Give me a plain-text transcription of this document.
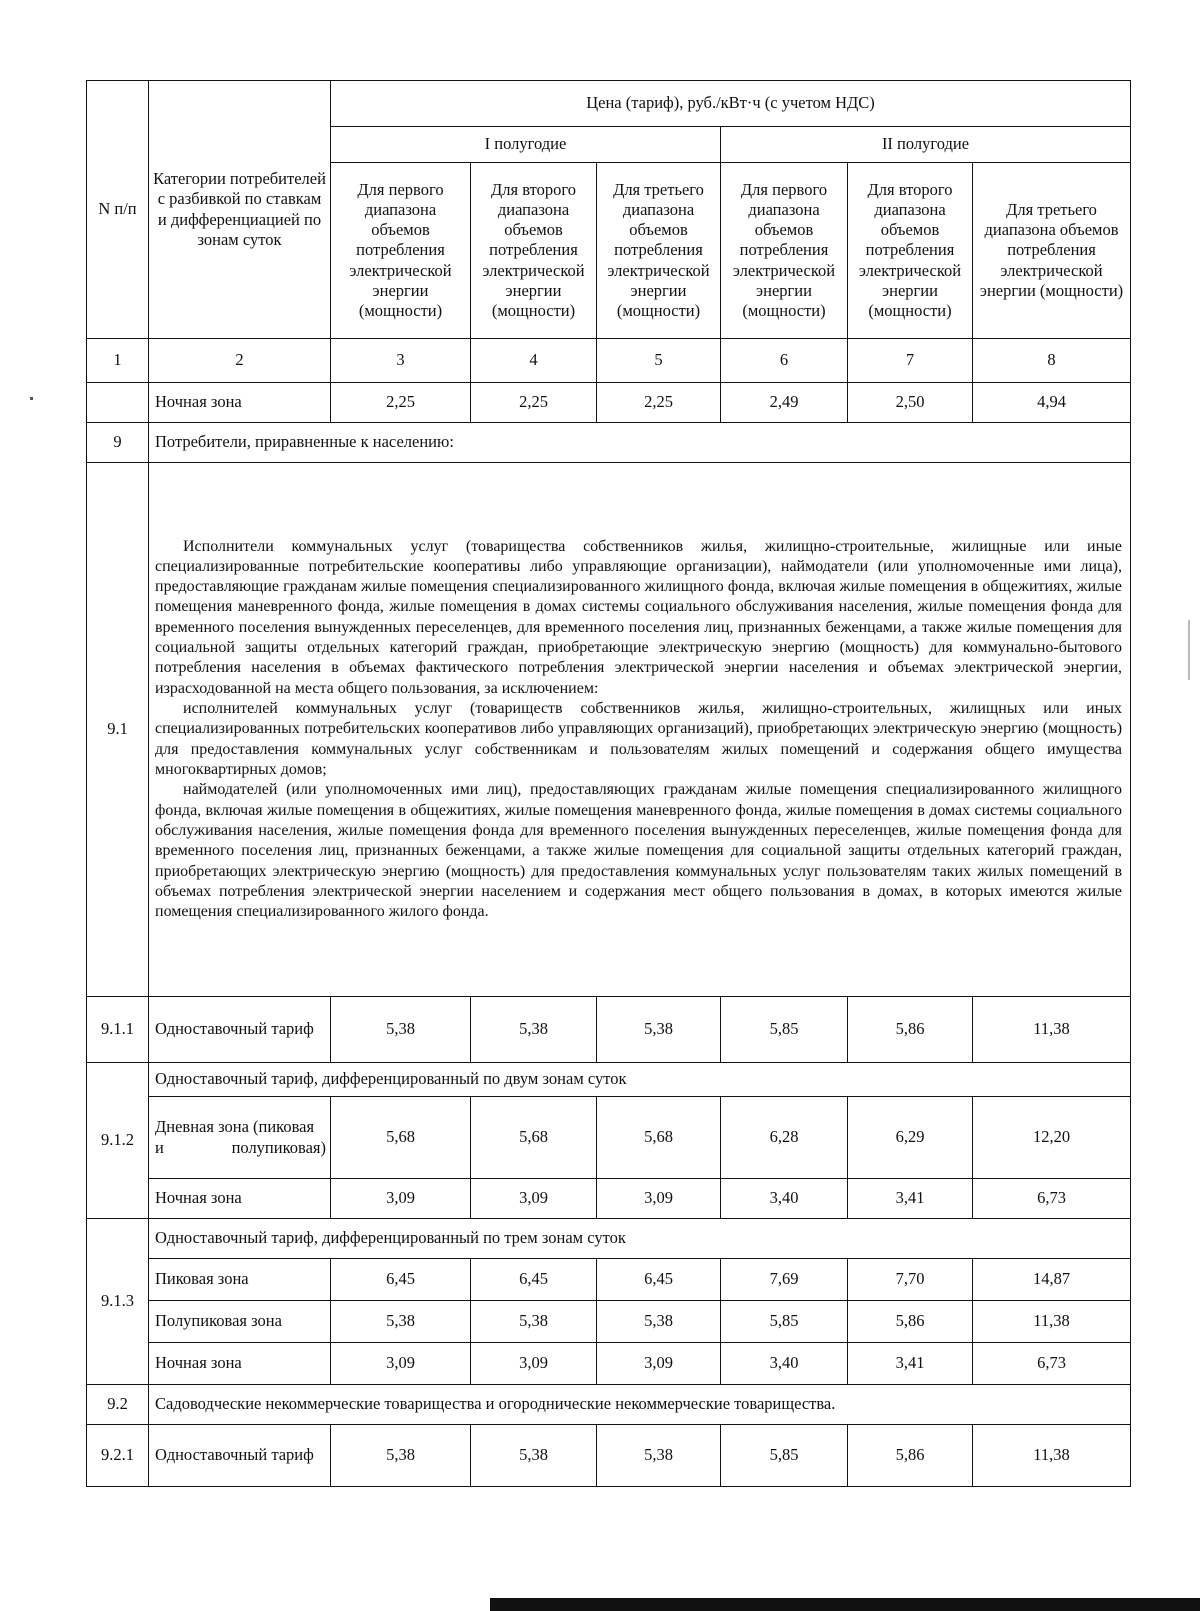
N п/п	Категории потребителей с разбивкой по ставкам и дифференциацией по зонам суток	Цена (тариф), руб./кВт·ч (с учетом НДС)					
		I полугодие			II полугодие		
		Для первого диапазона объемов потребления электрической энергии (мощности)	Для второго диапазона объемов потребления электрической энергии (мощности)	Для третьего диапазона объемов потребления электрической энергии (мощности)	Для первого диапазона объемов потребления электрической энергии (мощности)	Для второго диапазона объемов потребления электрической энергии (мощности)	Для третьего диапазона объемов потребления электрической энергии (мощности)
1	2	3	4	5	6	7	8
	Ночная зона	2,25	2,25	2,25	2,49	2,50	4,94
9	Потребители, приравненные к населению:						
9.1	Исполнители коммунальных услуг (товарищества собственников жилья, жилищно-строительные, жилищные или иные специализированные потребительские кооперативы либо управляющие организации), наймодатели (или уполномоченные ими лица), предоставляющие гражданам жилые помещения специализированного жилищного фонда, включая жилые помещения в общежитиях, жилые помещения маневренного фонда, жилые помещения в домах системы социального обслуживания населения, жилые помещения фонда для временного поселения вынужденных переселенцев, для временного поселения лиц, признанных беженцами, а также жилые помещения для социальной защиты отдельных категорий граждан, приобретающие электрическую энергию (мощность) для коммунально-бытового потребления населения в объемах фактического потребления электрической энергии населения и объемах электрической энергии, израсходованной на места общего пользования, за исключением:

исполнителей коммунальных услуг (товариществ собственников жилья, жилищно-строительных, жилищных или иных специализированных потребительских кооперативов либо управляющих организаций), приобретающих электрическую энергию (мощность) для предоставления коммунальных услуг собственникам и пользователям жилых помещений и содержания общего имущества многоквартирных домов;

наймодателей (или уполномоченных ими лиц), предоставляющих гражданам жилые помещения специализированного жилищного фонда, включая жилые помещения в общежитиях, жилые помещения маневренного фонда, жилые помещения в домах системы социального обслуживания населения, жилые помещения фонда для временного поселения вынужденных переселенцев, жилые помещения фонда для временного поселения лиц, признанных беженцами, а также жилые помещения для социальной защиты отдельных категорий граждан, приобретающих электрическую энергию (мощность) для предоставления коммунальных услуг пользователям таких жилых помещений в объемах потребления электрической энергии населением и содержания мест общего пользования в домах, в которых имеются жилые помещения специализированного жилого фонда.						

9.1.1	Одноставочный тариф	5,38	5,38	5,38	5,85	5,86	11,38
9.1.2	Одноставочный тариф, дифференцированный по двум зонам суток						
	Дневная зона (пиковая и полупиковая)	5,68	5,68	5,68	6,28	6,29	12,20
	Ночная зона	3,09	3,09	3,09	3,40	3,41	6,73
9.1.3	Одноставочный тариф, дифференцированный по трем зонам суток						
	Пиковая зона	6,45	6,45	6,45	7,69	7,70	14,87
	Полупиковая зона	5,38	5,38	5,38	5,85	5,86	11,38
	Ночная зона	3,09	3,09	3,09	3,40	3,41	6,73
9.2	Садоводческие некоммерческие товарищества и огороднические некоммерческие товарищества.						
9.2.1	Одноставочный тариф	5,38	5,38	5,38	5,85	5,86	11,38
